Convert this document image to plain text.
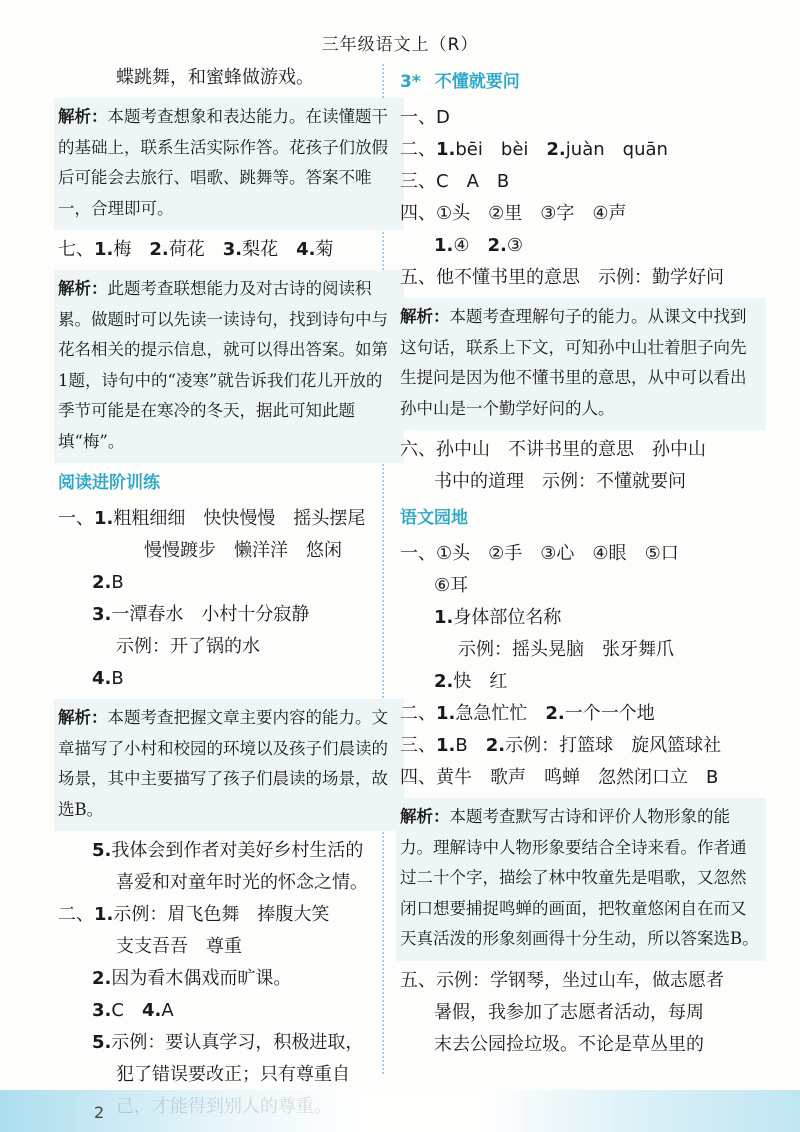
三年级语文上（R）
蝶跳舞，和蜜蜂做游戏。
解析：本题考查想象和表达能力。在读懂题干的基础上，联系生活实际作答。花孩子们放假后可能会去旅行、唱歌、跳舞等。答案不唯一，合理即可。
七、1.梅 2.荷花 3.梨花 4.菊
解析：此题考查联想能力及对古诗的阅读积累。做题时可以先读一读诗句，找到诗句中与花名相关的提示信息，就可以得出答案。如第1题，诗句中的“凌寒”就告诉我们花儿开放的季节可能是在寒冷的冬天，据此可知此题填“梅”。
阅读进阶训练
一、1.粗粗细细 快快慢慢 摇头摆尾
慢慢踱步 懒洋洋 悠闲
2.B
3.一潭春水 小村十分寂静
示例：开了锅的水
4.B
解析：本题考查把握文章主要内容的能力。文章描写了小村和校园的环境以及孩子们晨读的场景，其中主要描写了孩子们晨读的场景，故选B。
5.我体会到作者对美好乡村生活的
喜爱和对童年时光的怀念之情。
二、1.示例：眉飞色舞 捧腹大笑
支支吾吾 尊重
2.因为看木偶戏而旷课。
3.C 4.A
5.示例：要认真学习，积极进取，
犯了错误要改正；只有尊重自
3* 不懂就要问
一、D
二、1.bēi bèi 2.juàn quān
三、C A B
四、①头 ②里 ③字 ④声
1.④ 2.③
五、他不懂书里的意思 示例：勤学好问
解析：本题考查理解句子的能力。从课文中找到这句话，联系上下文，可知孙中山壮着胆子向先生提问是因为他不懂书里的意思，从中可以看出孙中山是一个勤学好问的人。
六、孙中山 不讲书里的意思 孙中山
书中的道理 示例：不懂就要问
语文园地
一、①头 ②手 ③心 ④眼 ⑤口
⑥耳
1.身体部位名称
示例：摇头晃脑 张牙舞爪
2.快 红
二、1.急急忙忙 2.一个一个地
三、1.B 2.示例：打篮球 旋风篮球社
四、黄牛 歌声 鸣蝉 忽然闭口立 B
解析：本题考查默写古诗和评价人物形象的能力。理解诗中人物形象要结合全诗来看。作者通过二十个字，描绘了林中牧童先是唱歌，又忽然闭口想要捕捉鸣蝉的画面，把牧童悠闲自在而又天真活泼的形象刻画得十分生动，所以答案选B。
五、示例：学钢琴，坐过山车，做志愿者
暑假，我参加了志愿者活动，每周
末去公园捡垃圾。不论是草丛里的
2
